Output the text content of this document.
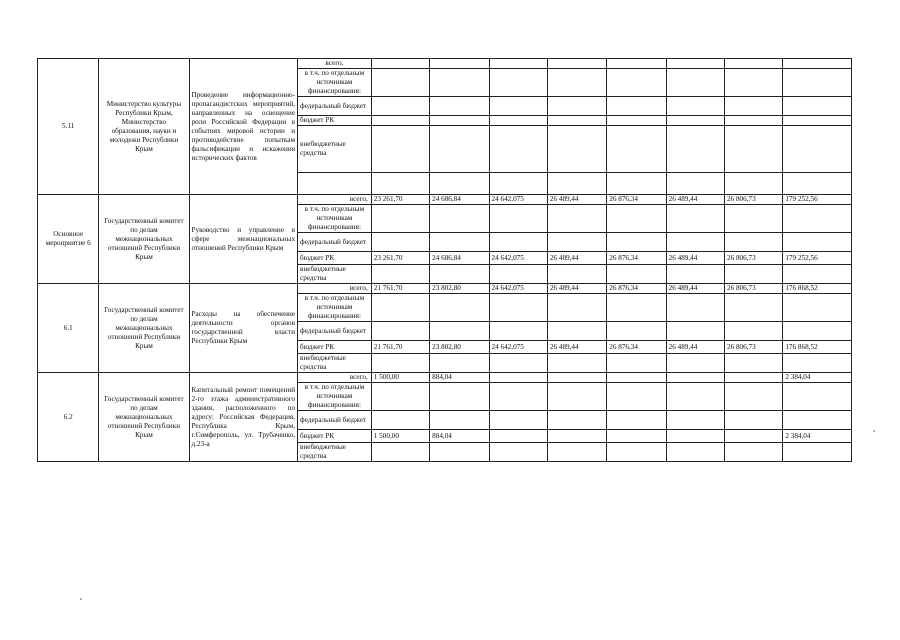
5.11	Министерство культуры Республики Крым, Министерство образования, науки и молодежи Республики Крым	Проведение информационно-пропагандистских мероприятий, направленных на освещение роли Российской Федерации в событиях мировой истории и противодействие попыткам фальсификации и искажения исторических фактов	всего,								
			в т.ч. по отдельным источникам финансирования:								
			федеральный бюджет								
			бюджет РК								
			внебюджетные средства								

Основное мероприятие 6	Государственный комитет по делам межнациональных отношений Республики Крым	Руководство и управление в сфере межнациональных отношений Республики Крым	всего,	23 261,70	24 686,84	24 642,075	26 489,44	26 876,34	26 489,44	26 806,73	179 252,56
			в т.ч. по отдельным источникам финансирования:								
			федеральный бюджет								
			бюджет РК	23 261,70	24 686,84	24 642,075	26 489,44	26 876,34	26 489,44	26 806,73	179 252,56
			внебюджетные средства								
6.1	Государственный комитет по делам межнациональных отношений Республики Крым	Расходы на обеспечение деятельности органов государственной власти Республики Крым	всего,	21 761,70	23 802,80	24 642,075	26 489,44	26 876,34	26 489,44	26 806,73	176 868,52
			в т.ч. по отдельным источникам финансирования:								
			федеральный бюджет								
			бюджет РК	21 761,70	23 802,80	24 642,075	26 489,44	26 876,34	26 489,44	26 806,73	176 868,52
			внебюджетные средства								
6.2	Государственный комитет по делам межнациональных отношений Республики Крым	Капитальный ремонт помещений 2-го этажа административного здания, расположенного по адресу: Российская Федерация, Республика Крым, г.Симферополь, ул. Трубаченко, д.23-а	всего,	1 500,00	884,04						2 384,04
			в т.ч. по отдельным источникам финансирования:								
			федеральный бюджет								
			бюджет РК	1 500,00	884,04						2 384,04
			внебюджетные средства								
